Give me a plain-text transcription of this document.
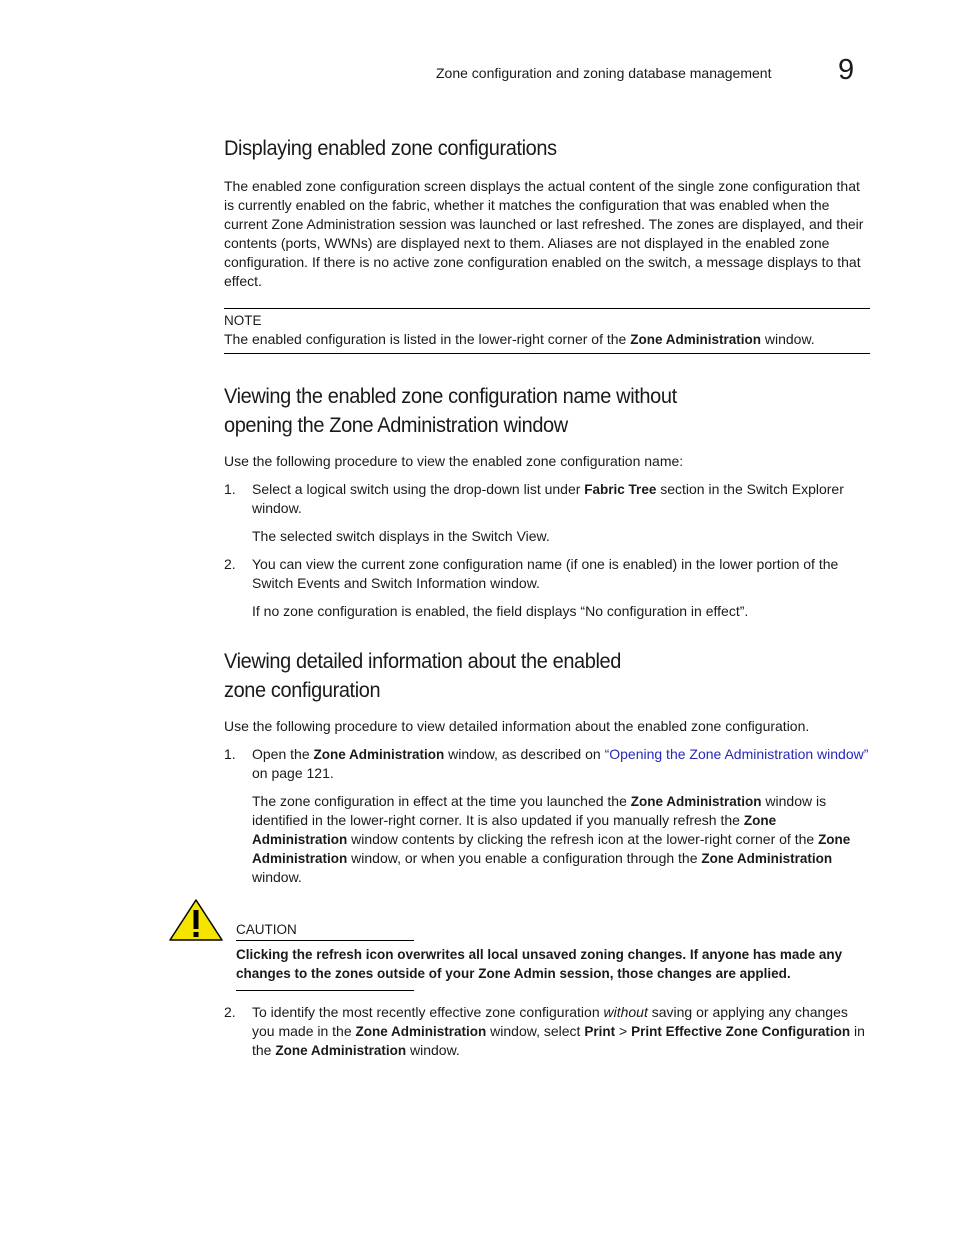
Zone configuration and zoning database management 9
Displaying enabled zone configurations

The enabled zone configuration screen displays the actual content of the single zone configuration that is currently enabled on the fabric, whether it matches the configuration that was enabled when the current Zone Administration session was launched or last refreshed. The zones are displayed, and their contents (ports, WWNs) are displayed next to them. Aliases are not displayed in the enabled zone configuration. If there is no active zone configuration enabled on the switch, a message displays to that effect.

NOTE

The enabled configuration is listed in the lower-right corner of the Zone Administration window.

Viewing the enabled zone configuration name without
opening the Zone Administration window

Use the following procedure to view the enabled zone configuration name:

1. Select a logical switch using the drop-down list under Fabric Tree section in the Switch Explorer window.

The selected switch displays in the Switch View.

2. You can view the current zone configuration name (if one is enabled) in the lower portion of the Switch Events and Switch Information window.

If no zone configuration is enabled, the field displays “No configuration in effect”.

Viewing detailed information about the enabled
zone configuration

Use the following procedure to view detailed information about the enabled zone configuration.

1. Open the Zone Administration window, as described on “Opening the Zone Administration window” on page 121.

The zone configuration in effect at the time you launched the Zone Administration window is identified in the lower-right corner. It is also updated if you manually refresh the Zone Administration window contents by clicking the refresh icon at the lower-right corner of the Zone Administration window, or when you enable a configuration through the Zone Administration window.

CAUTION
Clicking the refresh icon overwrites all local unsaved zoning changes. If anyone has made any changes to the zones outside of your Zone Admin session, those changes are applied.
2. To identify the most recently effective zone configuration without saving or applying any changes you made in the Zone Administration window, select Print > Print Effective Zone Configuration in the Zone Administration window.
